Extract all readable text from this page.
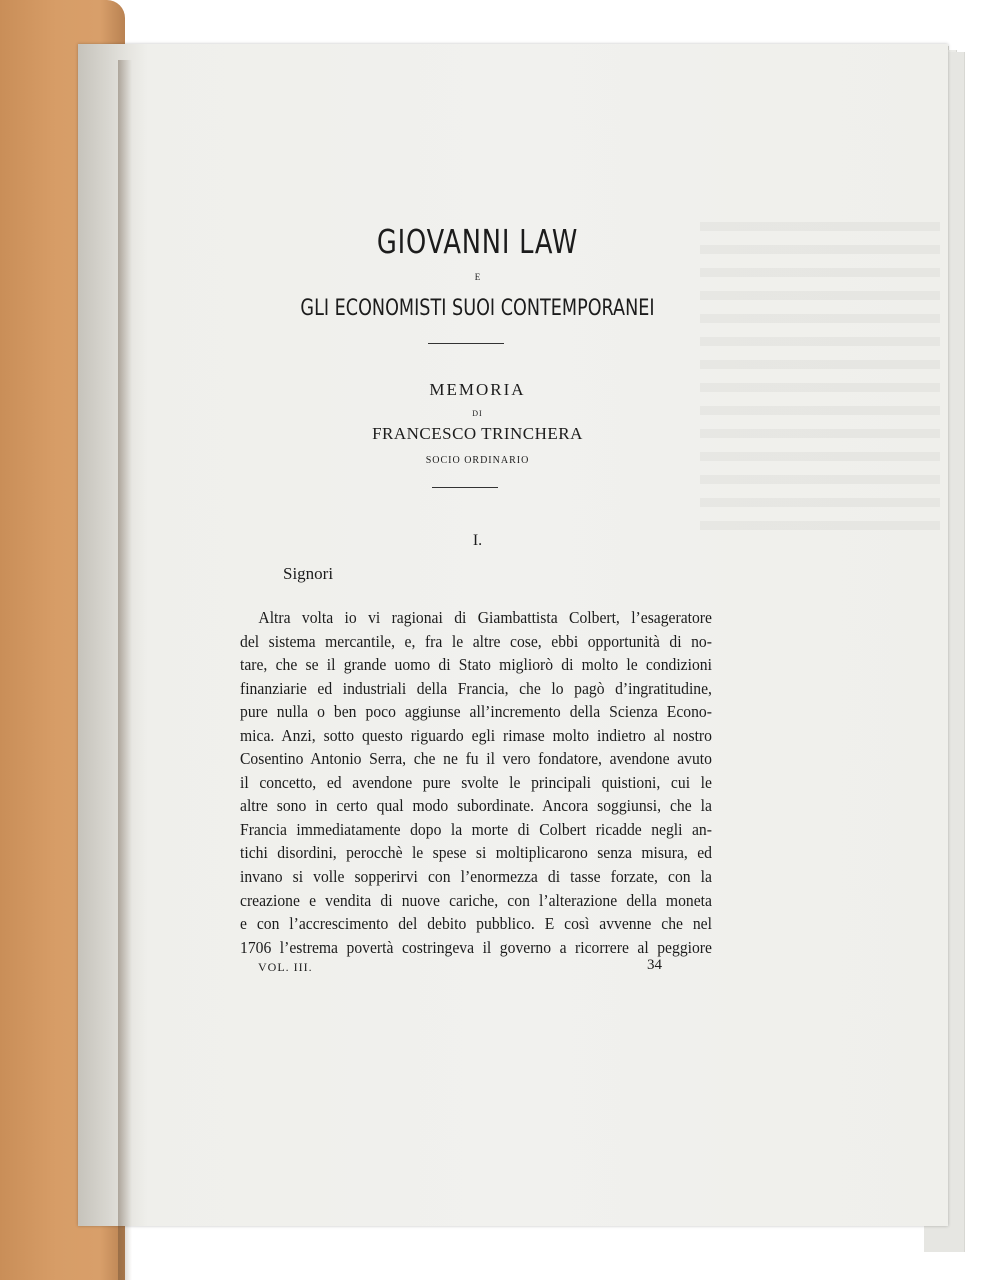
GIOVANNI LAW
E
GLI ECONOMISTI SUOI CONTEMPORANEI
MEMORIA
DI
FRANCESCO TRINCHERA
SOCIO ORDINARIO
I.
Signori
Altra volta io vi ragionai di Giambattista Colbert, l’esageratore
del sistema mercantile, e, fra le altre cose, ebbi opportunità di no-
tare, che se il grande uomo di Stato migliorò di molto le condizioni
finanziarie ed industriali della Francia, che lo pagò d’ingratitudine,
pure nulla o ben poco aggiunse all’incremento della Scienza Econo-
mica. Anzi, sotto questo riguardo egli rimase molto indietro al nostro
Cosentino Antonio Serra, che ne fu il vero fondatore, avendone avuto
il concetto, ed avendone pure svolte le principali quistioni, cui le
altre sono in certo qual modo subordinate. Ancora soggiunsi, che la
Francia immediatamente dopo la morte di Colbert ricadde negli an-
tichi disordini, perocchè le spese si moltiplicarono senza misura, ed
invano si volle sopperirvi con l’enormezza di tasse forzate, con la
creazione e vendita di nuove cariche, con l’alterazione della moneta
e con l’accrescimento del debito pubblico. E così avvenne che nel
1706 l’estrema povertà costringeva il governo a ricorrere al peggiore
VOL. III.	34
